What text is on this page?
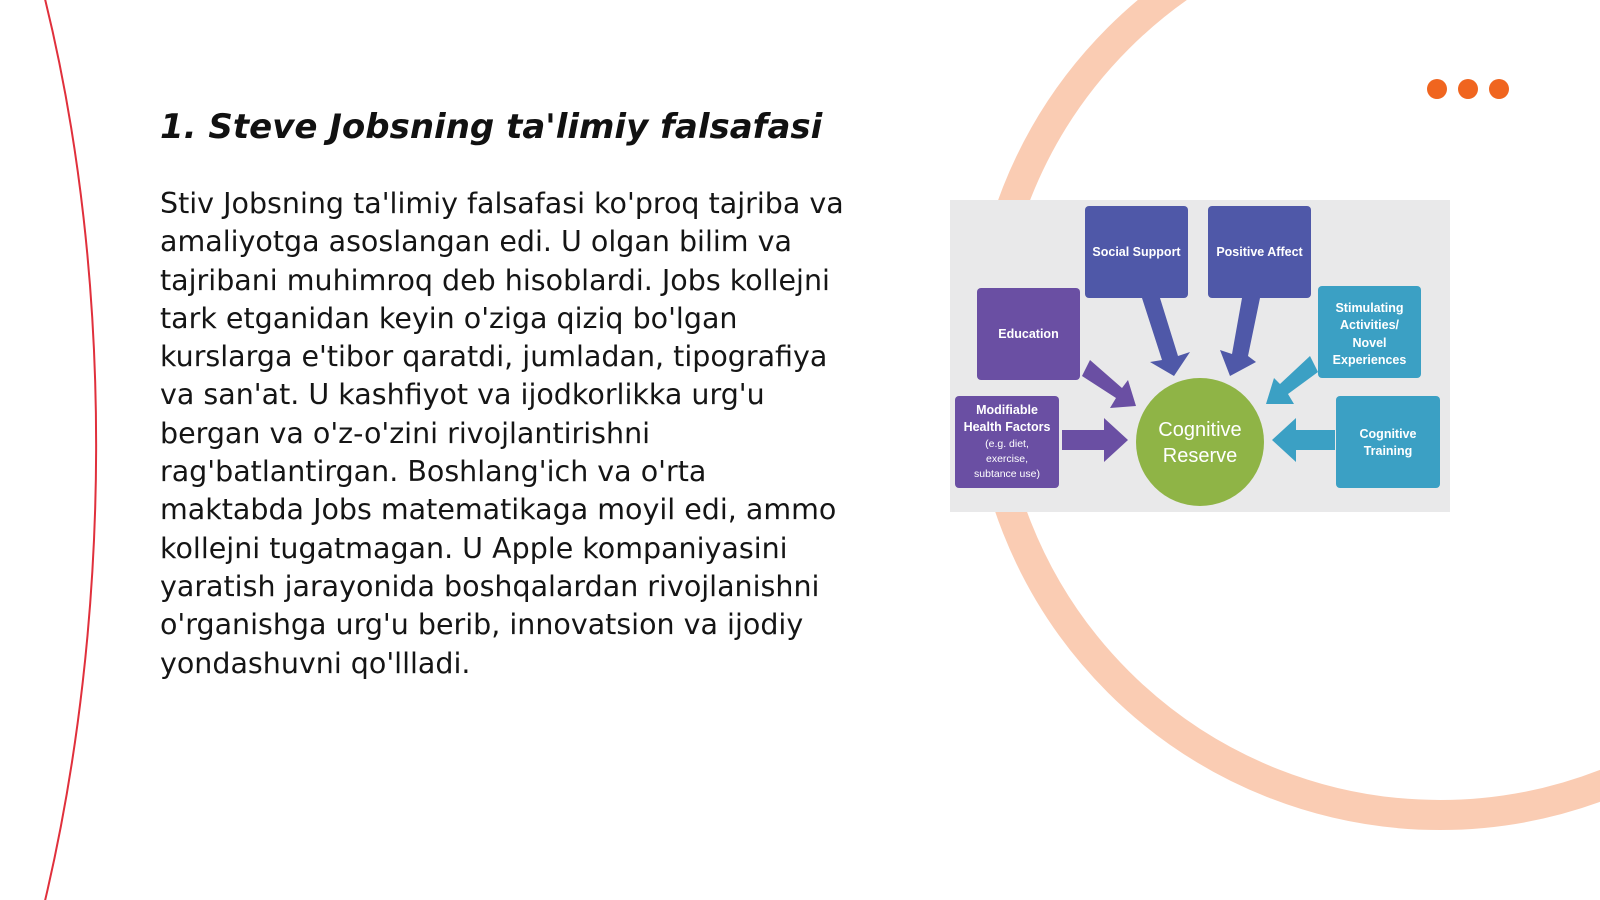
1. Steve Jobsning ta'limiy falsafasi

Stiv Jobsning ta'limiy falsafasi ko'proq tajriba va amaliyotga asoslangan edi. U olgan bilim va tajribani muhimroq deb hisoblardi. Jobs kollejni tark etganidan keyin o'ziga qiziq bo'lgan kurslarga e'tibor qaratdi, jumladan, tipografiya va san'at. U kashfiyot va ijodkorlikka urg'u bergan va o'z-o'zini rivojlantirishni rag'batlantirgan. Boshlang'ich va o'rta maktabda Jobs matematikaga moyil edi, ammo kollejni tugatmagan. U Apple kompaniyasini yaratish jarayonida boshqalardan rivojlanishni o'rganishga urg'u berib, innovatsion va ijodiy yondashuvni qo'llladi.

Social Support	Positive Affect
Education
Stimulating
Activities/
Novel
Experiences
Modifiable
Health Factors	Cognitive
Training
(e.g. diet,
exercise,
subtance use)
Cognitive
Reserve
